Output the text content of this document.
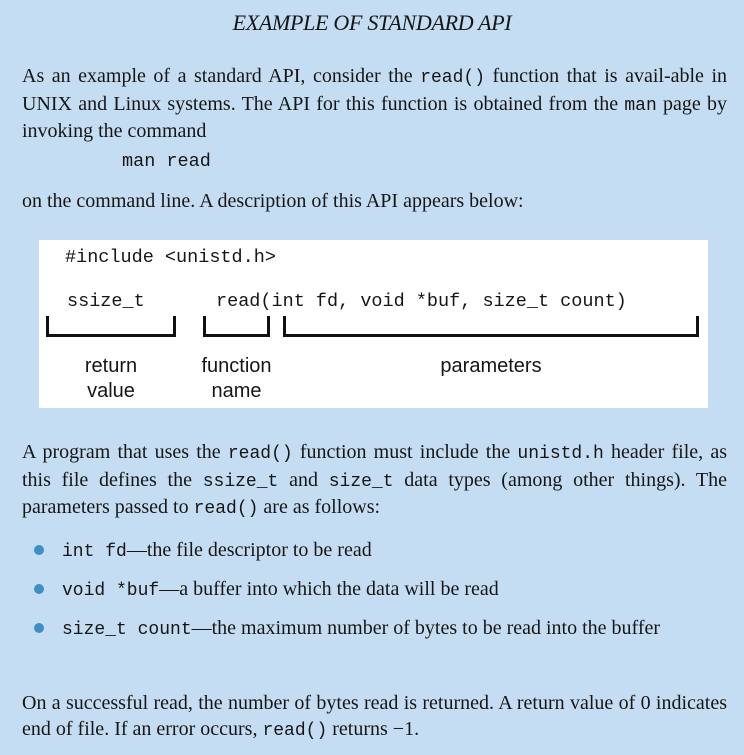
EXAMPLE OF STANDARD API

As an example of a standard API, consider the read() function that is avail-able in UNIX and Linux systems. The API for this function is obtained from the man page by invoking the command

man read

on the command line. A description of this API appears below:

#include <unistd.h>
ssize_t	read(int fd, void *buf, size_t count)
return
value
function
name
parameters

A program that uses the read() function must include the unistd.h header file, as this file defines the ssize_t and size_t data types (among other things). The parameters passed to read() are as follows:

int fd—the file descriptor to be read
void *buf—a buffer into which the data will be read
size_t count—the maximum number of bytes to be read into the buffer

On a successful read, the number of bytes read is returned. A return value of 0 indicates end of file. If an error occurs, read() returns −1.
